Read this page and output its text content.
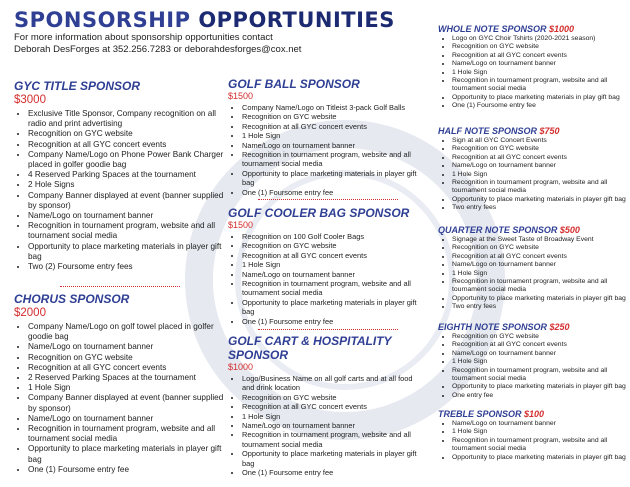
SPONSORSHIP OPPORTUNITIES
For more information about sponsorship opportunities contact
Deborah DesForges at 352.256.7283 or deborahdesforges@cox.net
GYC TITLE SPONSOR
$3000
• Exclusive Title Sponsor, Company recognition on all radio and print advertising
• Recognition on GYC website
• Recognition at all GYC concert events
• Company Name/Logo on Phone Power Bank Charger placed in golfer goodie bag
• 4 Reserved Parking Spaces at the tournament
• 2 Hole Signs
• Company Banner displayed at event (banner supplied by sponsor)
• Name/Logo on tournament banner
• Recognition in tournament program, website and all tournament social media
• Opportunity to place marketing materials in player gift bag
• Two (2) Foursome entry fees
CHORUS SPONSOR
$2000
• Company Name/Logo on golf towel placed in golfer goodie bag
• Name/Logo on tournament banner
• Recognition on GYC website
• Recognition at all GYC concert events
• 2 Reserved Parking Spaces at the tournament
• 1 Hole Sign
• Company Banner displayed at event (banner supplied by sponsor)
• Name/Logo on tournament banner
• Recognition in tournament program, website and all tournament social media
• Opportunity to place marketing materials in player gift bag
• One (1) Foursome entry fee
GOLF BALL SPONSOR
$1500
• Company Name/Logo on Titleist 3-pack Golf Balls
• Recognition on GYC website
• Recognition at all GYC concert events
• 1 Hole Sign
• Name/Logo on tournament banner
• Recognition in tournament program, website and all tournament social media
• Opportunity to place marketing materials in player gift bag
• One (1) Foursome entry fee
GOLF COOLER BAG SPONSOR
$1500
• Recognition on 100 Golf Cooler Bags
• Recognition on GYC website
• Recognition at all GYC concert events
• 1 Hole Sign
• Name/Logo on tournament banner
• Recognition in tournament program, website and all tournament social media
• Opportunity to place marketing materials in player gift bag
• One (1) Foursome entry fee
GOLF CART & HOSPITALITY
SPONSOR
$1000
• Logo/Business Name on all golf carts and at all food and drink location
• Recognition on GYC website
• Recognition at all GYC concert events
• 1 Hole Sign
• Name/Logo on tournament banner
• Recognition in tournament program, website and all tournament social media
• Opportunity to place marketing materials in player gift bag
• One (1) Foursome entry fee
WHOLE NOTE SPONSOR $1000
• Logo on GYC Choir Tshirts (2020-2021 season)
• Recognition on GYC website
• Recognition at all GYC concert events
• Name/Logo on tournament banner
• 1 Hole Sign
• Recognition in tournament program, website and all tournament social media
• Opportunity to place marketing materials in play gift bag
• One (1) Foursome entry fee
HALF NOTE SPONSOR $750
• Sign at all GYC Concert Events
• Recognition on GYC website
• Recognition at all GYC concert events
• Name/Logo on tournament banner
• 1 Hole Sign
• Recognition in tournament program, website and all tournament social media
• Opportunity to place marketing materials in player gift bag
• Two entry fees
QUARTER NOTE SPONSOR $500
• Signage at the Sweet Taste of Broadway Event
• Recognition on GYC website
• Recognition at all GYC concert events
• Name/Logo on tournament banner
• 1 Hole Sign
• Recognition in tournament program, website and all tournament social media
• Opportunity to place marketing materials in player gift bag
• Two entry fees
EIGHTH NOTE SPONSOR $250
• Recognition on GYC website
• Recognition at all GYC concert events
• Name/Logo on tournament banner
• 1 Hole Sign
• Recognition in tournament program, website and all tournament social media
• Opportunity to place marketing materials in player gift bag
• One entry fee
TREBLE SPONSOR $100
• Name/Logo on tournament banner
• 1 Hole Sign
• Recognition in tournament program, website and all tournament social media
• Opportunity to place marketing materials in player gift bag
